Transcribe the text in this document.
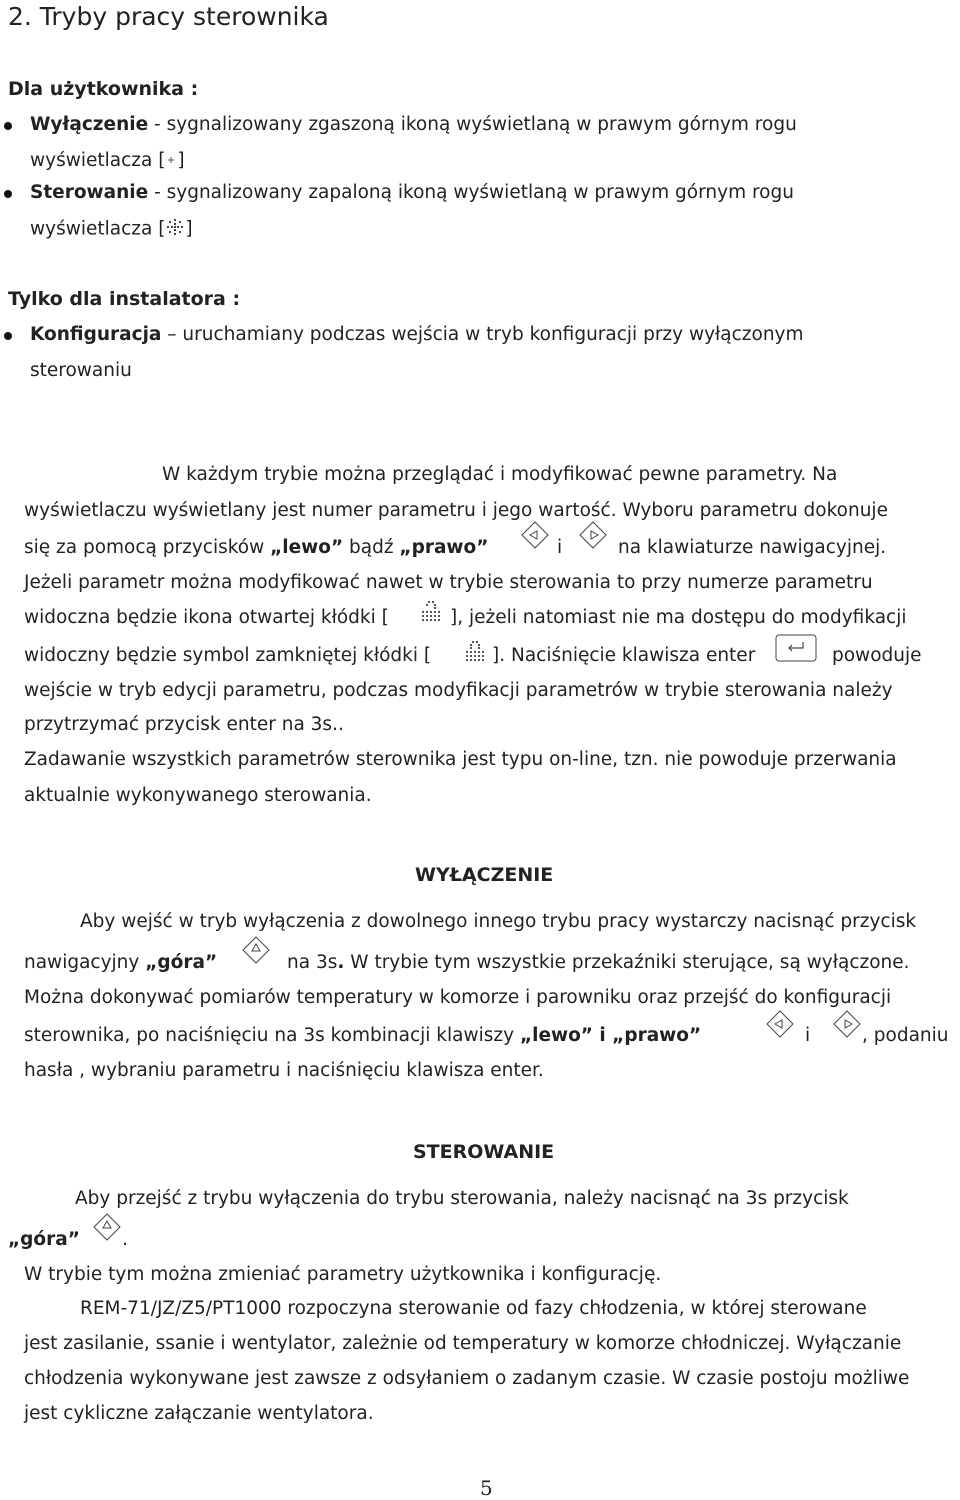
2. Tryby pracy sterownika
Dla użytkownika :
Wyłączenie - sygnalizowany zgaszoną ikoną wyświetlaną w prawym górnym rogu
wyświetlacza [ ]
Sterowanie - sygnalizowany zapaloną ikoną wyświetlaną w prawym górnym rogu
wyświetlacza [ ]
Tylko dla instalatora :
Konfiguracja – uruchamiany podczas wejścia w tryb konfiguracji przy wyłączonym
sterowaniu
W każdym trybie można przeglądać i modyfikować pewne parametry. Na
wyświetlaczu wyświetlany jest numer parametru i jego wartość. Wyboru parametru dokonuje
się za pomocą przycisków „lewo” bądź „prawo”	i	na klawiaturze nawigacyjnej.
Jeżeli parametr można modyfikować nawet w trybie sterowania to przy numerze parametru
widoczna będzie ikona otwartej kłódki [	], jeżeli natomiast nie ma dostępu do modyfikacji
widoczny będzie symbol zamkniętej kłódki [	]. Naciśnięcie klawisza enter	powoduje
wejście w tryb edycji parametru, podczas modyfikacji parametrów w trybie sterowania należy
przytrzymać przycisk enter na 3s..
Zadawanie wszystkich parametrów sterownika jest typu on-line, tzn. nie powoduje przerwania
aktualnie wykonywanego sterowania.
WYŁĄCZENIE
Aby wejść w tryb wyłączenia z dowolnego innego trybu pracy wystarczy nacisnąć przycisk
nawigacyjny „góra”	na 3s. W trybie tym wszystkie przekaźniki sterujące, są wyłączone.
Można dokonywać pomiarów temperatury w komorze i parowniku oraz przejść do konfiguracji
sterownika, po naciśnięciu na 3s kombinacji klawiszy „lewo” i „prawo”	i	, podaniu
hasła , wybraniu parametru i naciśnięciu klawisza enter.
STEROWANIE
Aby przejść z trybu wyłączenia do trybu sterowania, należy nacisnąć na 3s przycisk
„góra” .
W trybie tym można zmieniać parametry użytkownika i konfigurację.
REM-71/JZ/Z5/PT1000 rozpoczyna sterowanie od fazy chłodzenia, w której sterowane
jest zasilanie, ssanie i wentylator, zależnie od temperatury w komorze chłodniczej. Wyłączanie
chłodzenia wykonywane jest zawsze z odsyłaniem o zadanym czasie. W czasie postoju możliwe
jest cykliczne załączanie wentylatora.
5
